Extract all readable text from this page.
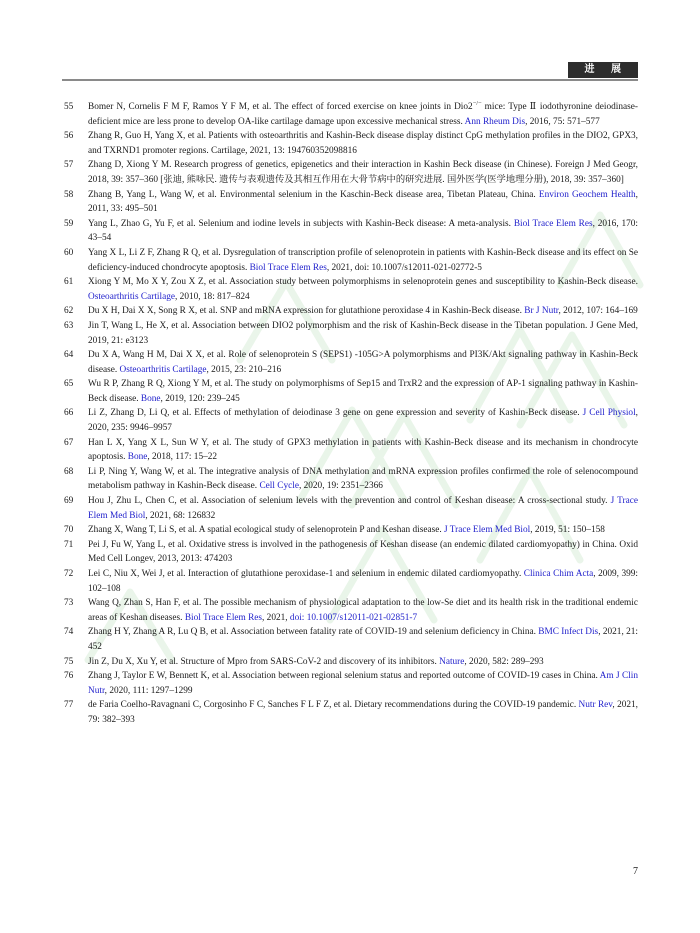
进 展
55	Bomer N, Cornelis F M F, Ramos Y F M, et al. The effect of forced exercise on knee joints in Dio2−/− mice: Type Ⅱ iodothyronine deiodinase-deficient mice are less prone to develop OA-like cartilage damage upon excessive mechanical stress. Ann Rheum Dis, 2016, 75: 571–577
56	Zhang R, Guo H, Yang X, et al. Patients with osteoarthritis and Kashin-Beck disease display distinct CpG methylation profiles in the DIO2, GPX3, and TXRND1 promoter regions. Cartilage, 2021, 13: 194760352098816
57	Zhang D, Xiong Y M. Research progress of genetics, epigenetics and their interaction in Kashin Beck disease (in Chinese). Foreign J Med Geogr, 2018, 39: 357–360 [张迪, 熊咏民. 遗传与表观遗传及其相互作用在大骨节病中的研究进展. 国外医学(医学地理分册), 2018, 39: 357–360]
58	Zhang B, Yang L, Wang W, et al. Environmental selenium in the Kaschin-Beck disease area, Tibetan Plateau, China. Environ Geochem Health, 2011, 33: 495–501
59	Yang L, Zhao G, Yu F, et al. Selenium and iodine levels in subjects with Kashin-Beck disease: A meta-analysis. Biol Trace Elem Res, 2016, 170: 43–54
60	Yang X L, Li Z F, Zhang R Q, et al. Dysregulation of transcription profile of selenoprotein in patients with Kashin-Beck disease and its effect on Se deficiency-induced chondrocyte apoptosis. Biol Trace Elem Res, 2021, doi: 10.1007/s12011-021-02772-5
61	Xiong Y M, Mo X Y, Zou X Z, et al. Association study between polymorphisms in selenoprotein genes and susceptibility to Kashin-Beck disease. Osteoarthritis Cartilage, 2010, 18: 817–824
62	Du X H, Dai X X, Song R X, et al. SNP and mRNA expression for glutathione peroxidase 4 in Kashin-Beck disease. Br J Nutr, 2012, 107: 164–169
63	Jin T, Wang L, He X, et al. Association between DIO2 polymorphism and the risk of Kashin-Beck disease in the Tibetan population. J Gene Med, 2019, 21: e3123
64	Du X A, Wang H M, Dai X X, et al. Role of selenoprotein S (SEPS1) -105G>A polymorphisms and PI3K/Akt signaling pathway in Kashin-Beck disease. Osteoarthritis Cartilage, 2015, 23: 210–216
65	Wu R P, Zhang R Q, Xiong Y M, et al. The study on polymorphisms of Sep15 and TrxR2 and the expression of AP-1 signaling pathway in Kashin-Beck disease. Bone, 2019, 120: 239–245
66	Li Z, Zhang D, Li Q, et al. Effects of methylation of deiodinase 3 gene on gene expression and severity of Kashin-Beck disease. J Cell Physiol, 2020, 235: 9946–9957
67	Han L X, Yang X L, Sun W Y, et al. The study of GPX3 methylation in patients with Kashin-Beck disease and its mechanism in chondrocyte apoptosis. Bone, 2018, 117: 15–22
68	Li P, Ning Y, Wang W, et al. The integrative analysis of DNA methylation and mRNA expression profiles confirmed the role of selenocompound metabolism pathway in Kashin-Beck disease. Cell Cycle, 2020, 19: 2351–2366
69	Hou J, Zhu L, Chen C, et al. Association of selenium levels with the prevention and control of Keshan disease: A cross-sectional study. J Trace Elem Med Biol, 2021, 68: 126832
70	Zhang X, Wang T, Li S, et al. A spatial ecological study of selenoprotein P and Keshan disease. J Trace Elem Med Biol, 2019, 51: 150–158
71	Pei J, Fu W, Yang L, et al. Oxidative stress is involved in the pathogenesis of Keshan disease (an endemic dilated cardiomyopathy) in China. Oxid Med Cell Longev, 2013, 2013: 474203
72	Lei C, Niu X, Wei J, et al. Interaction of glutathione peroxidase-1 and selenium in endemic dilated cardiomyopathy. Clinica Chim Acta, 2009, 399: 102–108
73	Wang Q, Zhan S, Han F, et al. The possible mechanism of physiological adaptation to the low-Se diet and its health risk in the traditional endemic areas of Keshan diseases. Biol Trace Elem Res, 2021, doi: 10.1007/s12011-021-02851-7
74	Zhang H Y, Zhang A R, Lu Q B, et al. Association between fatality rate of COVID-19 and selenium deficiency in China. BMC Infect Dis, 2021, 21: 452
75	Jin Z, Du X, Xu Y, et al. Structure of Mpro from SARS-CoV-2 and discovery of its inhibitors. Nature, 2020, 582: 289–293
76	Zhang J, Taylor E W, Bennett K, et al. Association between regional selenium status and reported outcome of COVID-19 cases in China. Am J Clin Nutr, 2020, 111: 1297–1299
77	de Faria Coelho-Ravagnani C, Corgosinho F C, Sanches F L F Z, et al. Dietary recommendations during the COVID-19 pandemic. Nutr Rev, 2021, 79: 382–393
7
